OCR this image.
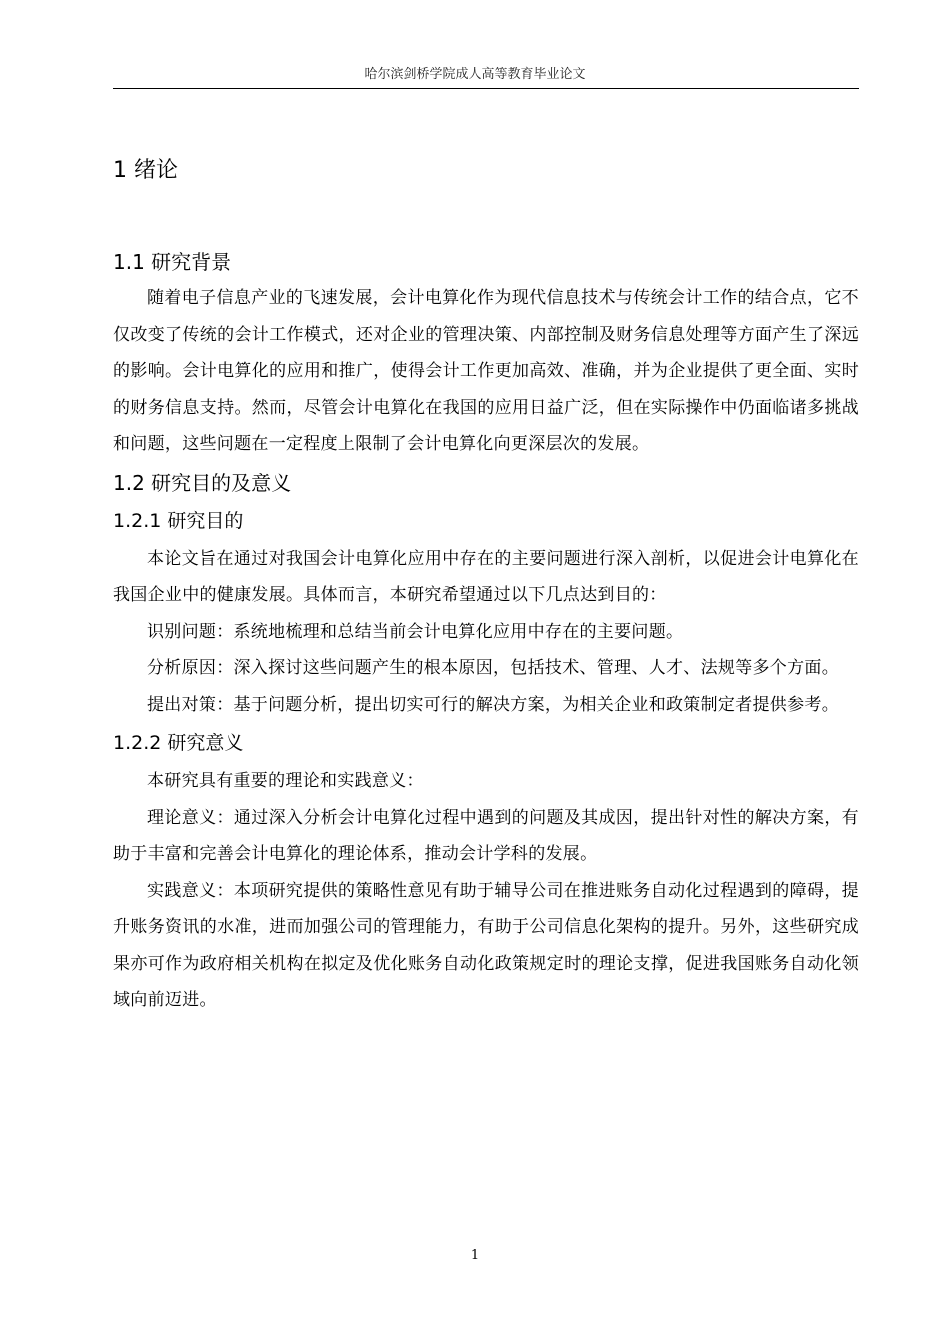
哈尔滨剑桥学院成人高等教育毕业论文
1 绪论
1.1 研究背景

随着电子信息产业的飞速发展，会计电算化作为现代信息技术与传统会计工作的结合点，它不仅改变了传统的会计工作模式，还对企业的管理决策、内部控制及财务信息处理等方面产生了深远的影响。会计电算化的应用和推广，使得会计工作更加高效、准确，并为企业提供了更全面、实时的财务信息支持。然而，尽管会计电算化在我国的应用日益广泛，但在实际操作中仍面临诸多挑战和问题，这些问题在一定程度上限制了会计电算化向更深层次的发展。

1.2 研究目的及意义
1.2.1 研究目的

本论文旨在通过对我国会计电算化应用中存在的主要问题进行深入剖析，以促进会计电算化在我国企业中的健康发展。具体而言，本研究希望通过以下几点达到目的：

识别问题：系统地梳理和总结当前会计电算化应用中存在的主要问题。

分析原因：深入探讨这些问题产生的根本原因，包括技术、管理、人才、法规等多个方面。

提出对策：基于问题分析，提出切实可行的解决方案，为相关企业和政策制定者提供参考。

1.2.2 研究意义

本研究具有重要的理论和实践意义：

理论意义：通过深入分析会计电算化过程中遇到的问题及其成因，提出针对性的解决方案，有助于丰富和完善会计电算化的理论体系，推动会计学科的发展。

实践意义：本项研究提供的策略性意见有助于辅导公司在推进账务自动化过程遇到的障碍，提升账务资讯的水准，进而加强公司的管理能力，有助于公司信息化架构的提升。另外，这些研究成果亦可作为政府相关机构在拟定及优化账务自动化政策规定时的理论支撑，促进我国账务自动化领域向前迈进。

1
